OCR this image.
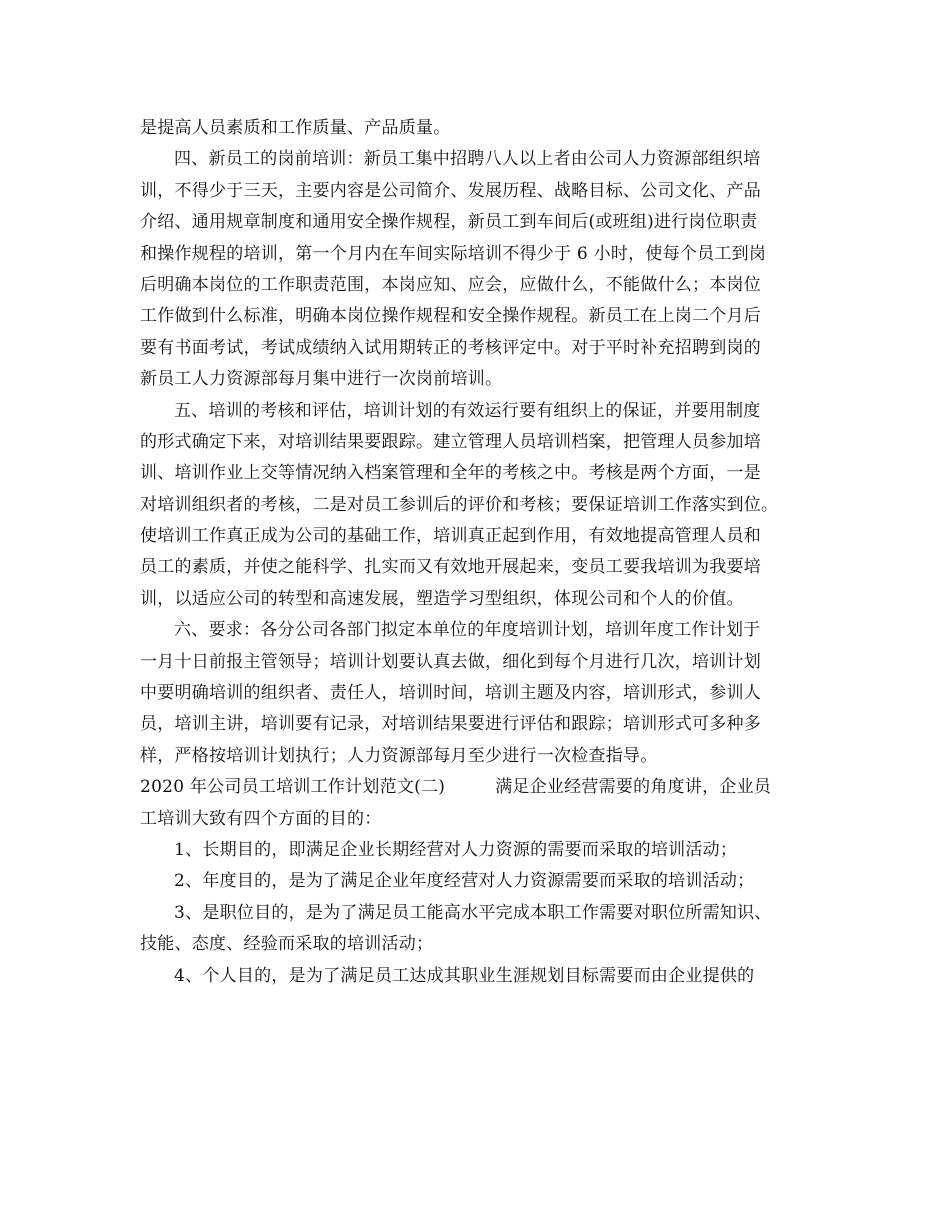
是提高人员素质和工作质量、产品质量。
四、新员工的岗前培训：新员工集中招聘八人以上者由公司人力资源部组织培
训，不得少于三天，主要内容是公司简介、发展历程、战略目标、公司文化、产品
介绍、通用规章制度和通用安全操作规程，新员工到车间后(或班组)进行岗位职责
和操作规程的培训，第一个月内在车间实际培训不得少于 6 小时，使每个员工到岗
后明确本岗位的工作职责范围，本岗应知、应会，应做什么，不能做什么；本岗位
工作做到什么标准，明确本岗位操作规程和安全操作规程。新员工在上岗二个月后
要有书面考试，考试成绩纳入试用期转正的考核评定中。对于平时补充招聘到岗的
新员工人力资源部每月集中进行一次岗前培训。
五、培训的考核和评估，培训计划的有效运行要有组织上的保证，并要用制度
的形式确定下来，对培训结果要跟踪。建立管理人员培训档案，把管理人员参加培
训、培训作业上交等情况纳入档案管理和全年的考核之中。考核是两个方面，一是
对培训组织者的考核，二是对员工参训后的评价和考核；要保证培训工作落实到位。
使培训工作真正成为公司的基础工作，培训真正起到作用，有效地提高管理人员和
员工的素质，并使之能科学、扎实而又有效地开展起来，变员工要我培训为我要培
训，以适应公司的转型和高速发展，塑造学习型组织，体现公司和个人的价值。
六、要求：各分公司各部门拟定本单位的年度培训计划，培训年度工作计划于
一月十日前报主管领导；培训计划要认真去做，细化到每个月进行几次，培训计划
中要明确培训的组织者、责任人，培训时间，培训主题及内容，培训形式，参训人
员，培训主讲，培训要有记录，对培训结果要进行评估和跟踪；培训形式可多种多
样，严格按培训计划执行；人力资源部每月至少进行一次检查指导。
2020 年公司员工培训工作计划范文(二)	满足企业经营需要的角度讲，企业员
工培训大致有四个方面的目的：
1、长期目的，即满足企业长期经营对人力资源的需要而采取的培训活动；
2、年度目的，是为了满足企业年度经营对人力资源需要而采取的培训活动；
3、是职位目的，是为了满足员工能高水平完成本职工作需要对职位所需知识、
技能、态度、经验而采取的培训活动；
4、个人目的，是为了满足员工达成其职业生涯规划目标需要而由企业提供的
